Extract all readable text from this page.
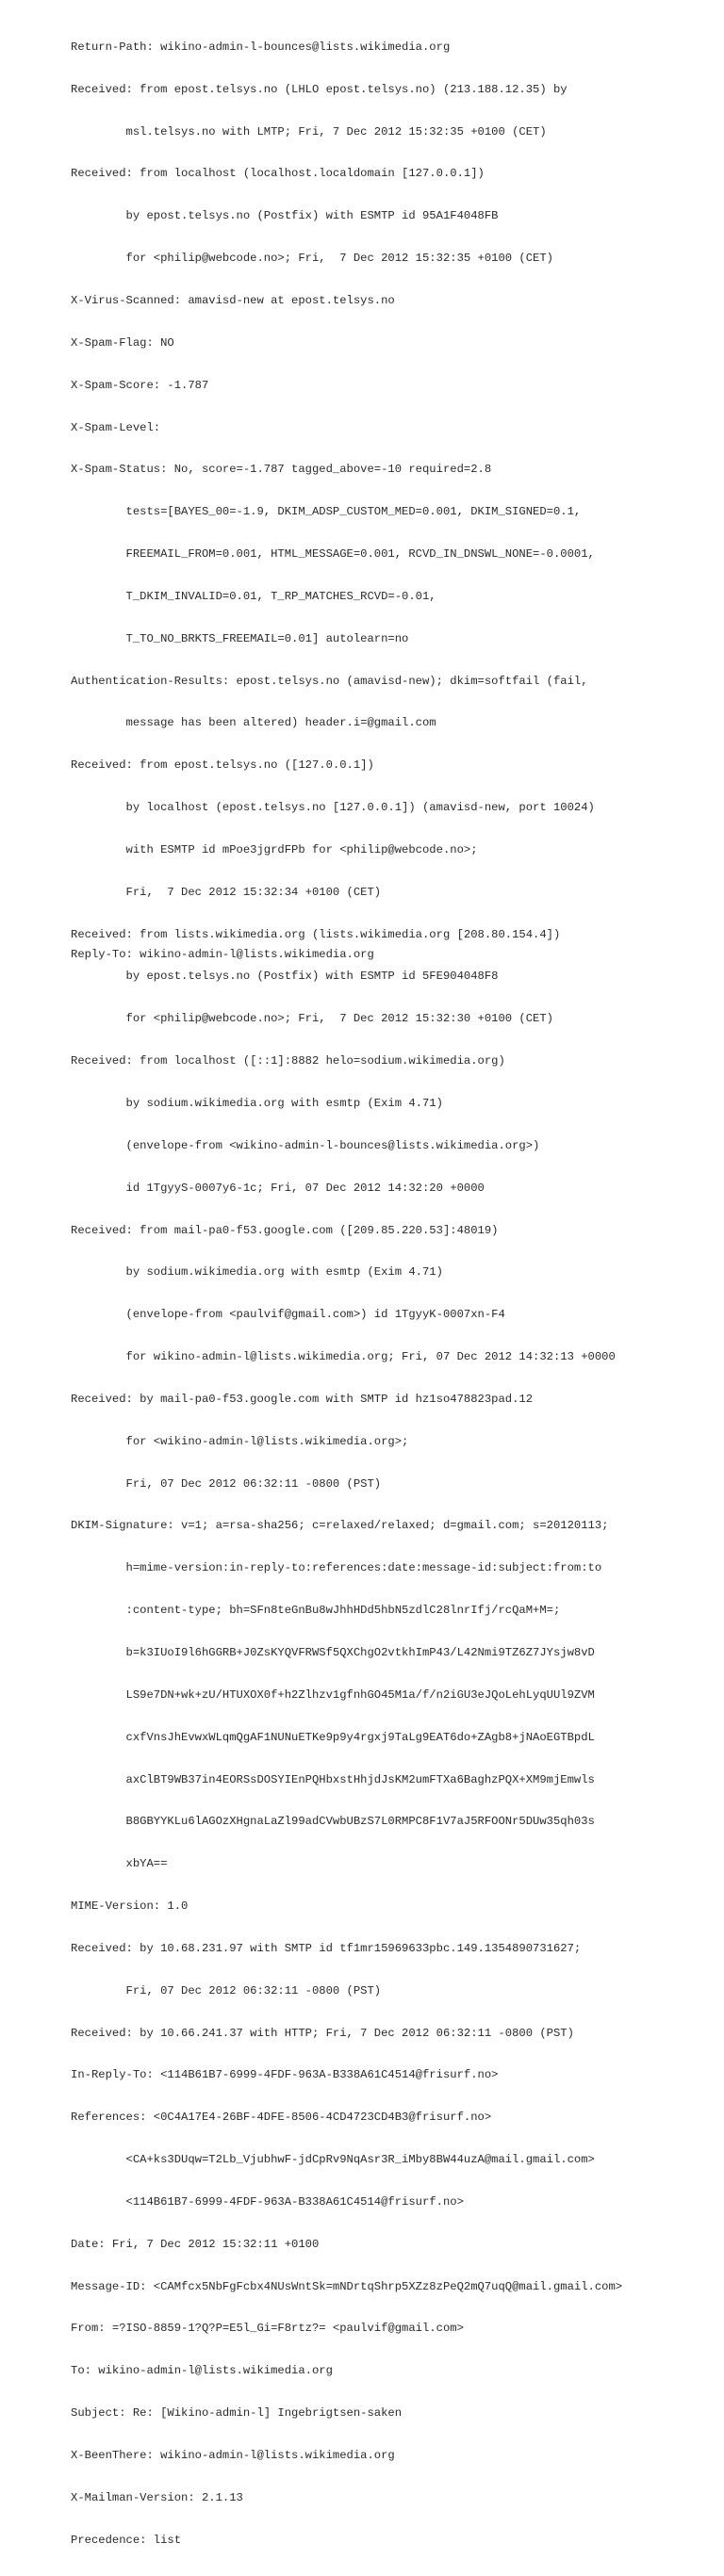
Return-Path: wikino-admin-l-bounces@lists.wikimedia.org

Received: from epost.telsys.no (LHLO epost.telsys.no) (213.188.12.35) by

msl.telsys.no with LMTP; Fri, 7 Dec 2012 15:32:35 +0100 (CET)

Received: from localhost (localhost.localdomain [127.0.0.1])

by epost.telsys.no (Postfix) with ESMTP id 95A1F4048FB

for <philip@webcode.no>; Fri,  7 Dec 2012 15:32:35 +0100 (CET)

X-Virus-Scanned: amavisd-new at epost.telsys.no

X-Spam-Flag: NO

X-Spam-Score: -1.787

X-Spam-Level:

X-Spam-Status: No, score=-1.787 tagged_above=-10 required=2.8

tests=[BAYES_00=-1.9, DKIM_ADSP_CUSTOM_MED=0.001, DKIM_SIGNED=0.1,

FREEMAIL_FROM=0.001, HTML_MESSAGE=0.001, RCVD_IN_DNSWL_NONE=-0.0001,

T_DKIM_INVALID=0.01, T_RP_MATCHES_RCVD=-0.01,

T_TO_NO_BRKTS_FREEMAIL=0.01] autolearn=no

Authentication-Results: epost.telsys.no (amavisd-new); dkim=softfail (fail,

message has been altered) header.i=@gmail.com

Received: from epost.telsys.no ([127.0.0.1])

by localhost (epost.telsys.no [127.0.0.1]) (amavisd-new, port 10024)

with ESMTP id mPoe3jgrdFPb for <philip@webcode.no>;

Fri,  7 Dec 2012 15:32:34 +0100 (CET)

Received: from lists.wikimedia.org (lists.wikimedia.org [208.80.154.4])

by epost.telsys.no (Postfix) with ESMTP id 5FE904048F8

for <philip@webcode.no>; Fri,  7 Dec 2012 15:32:30 +0100 (CET)

Received: from localhost ([::1]:8882 helo=sodium.wikimedia.org)

by sodium.wikimedia.org with esmtp (Exim 4.71)

(envelope-from <wikino-admin-l-bounces@lists.wikimedia.org>)

id 1TgyyS-0007y6-1c; Fri, 07 Dec 2012 14:32:20 +0000

Received: from mail-pa0-f53.google.com ([209.85.220.53]:48019)

by sodium.wikimedia.org with esmtp (Exim 4.71)

(envelope-from <paulvif@gmail.com>) id 1TgyyK-0007xn-F4

for wikino-admin-l@lists.wikimedia.org; Fri, 07 Dec 2012 14:32:13 +0000

Received: by mail-pa0-f53.google.com with SMTP id hz1so478823pad.12

for <wikino-admin-l@lists.wikimedia.org>;

Fri, 07 Dec 2012 06:32:11 -0800 (PST)

DKIM-Signature: v=1; a=rsa-sha256; c=relaxed/relaxed; d=gmail.com; s=20120113;

h=mime-version:in-reply-to:references:date:message-id:subject:from:to

:content-type; bh=SFn8teGnBu8wJhhHDd5hbN5zdlC28lnrIfj/rcQaM+M=;

b=k3IUoI9l6hGGRB+J0ZsKYQVFRWSf5QXChgO2vtkhImP43/L42Nmi9TZ6Z7JYsjw8vD

LS9e7DN+wk+zU/HTUXOX0f+h2Zlhzv1gfnhGO45M1a/f/n2iGU3eJQoLehLyqUUl9ZVM

cxfVnsJhEvwxWLqmQgAF1NUNuETKe9p9y4rgxj9TaLg9EAT6do+ZAgb8+jNAoEGTBpdL

axClBT9WB37in4EORSsDOSYIEnPQHbxstHhjdJsKM2umFTXa6BaghzPQX+XM9mjEmwls

B8GBYYKLu6lAGOzXHgnaLaZl99adCVwbUBzS7L0RMPC8F1V7aJ5RFOONr5DUw35qh03s

xbYA==

MIME-Version: 1.0

Received: by 10.68.231.97 with SMTP id tf1mr15969633pbc.149.1354890731627;

Fri, 07 Dec 2012 06:32:11 -0800 (PST)

Received: by 10.66.241.37 with HTTP; Fri, 7 Dec 2012 06:32:11 -0800 (PST)

In-Reply-To: <114B61B7-6999-4FDF-963A-B338A61C4514@frisurf.no>

References: <0C4A17E4-26BF-4DFE-8506-4CD4723CD4B3@frisurf.no>

<CA+ks3DUqw=T2Lb_VjubhwF-jdCpRv9NqAsr3R_iMby8BW44uzA@mail.gmail.com>

<114B61B7-6999-4FDF-963A-B338A61C4514@frisurf.no>

Date: Fri, 7 Dec 2012 15:32:11 +0100

Message-ID: <CAMfcx5NbFgFcbx4NUsWntSk=mNDrtqShrp5XZz8zPeQ2mQ7uqQ@mail.gmail.com>

From: =?ISO-8859-1?Q?P=E5l_Gi=F8rtz?= <paulvif@gmail.com>

To: wikino-admin-l@lists.wikimedia.org

Subject: Re: [Wikino-admin-l] Ingebrigtsen-saken

X-BeenThere: wikino-admin-l@lists.wikimedia.org

X-Mailman-Version: 2.1.13

Precedence: list

Reply-To: wikino-admin-l@lists.wikimedia.org
